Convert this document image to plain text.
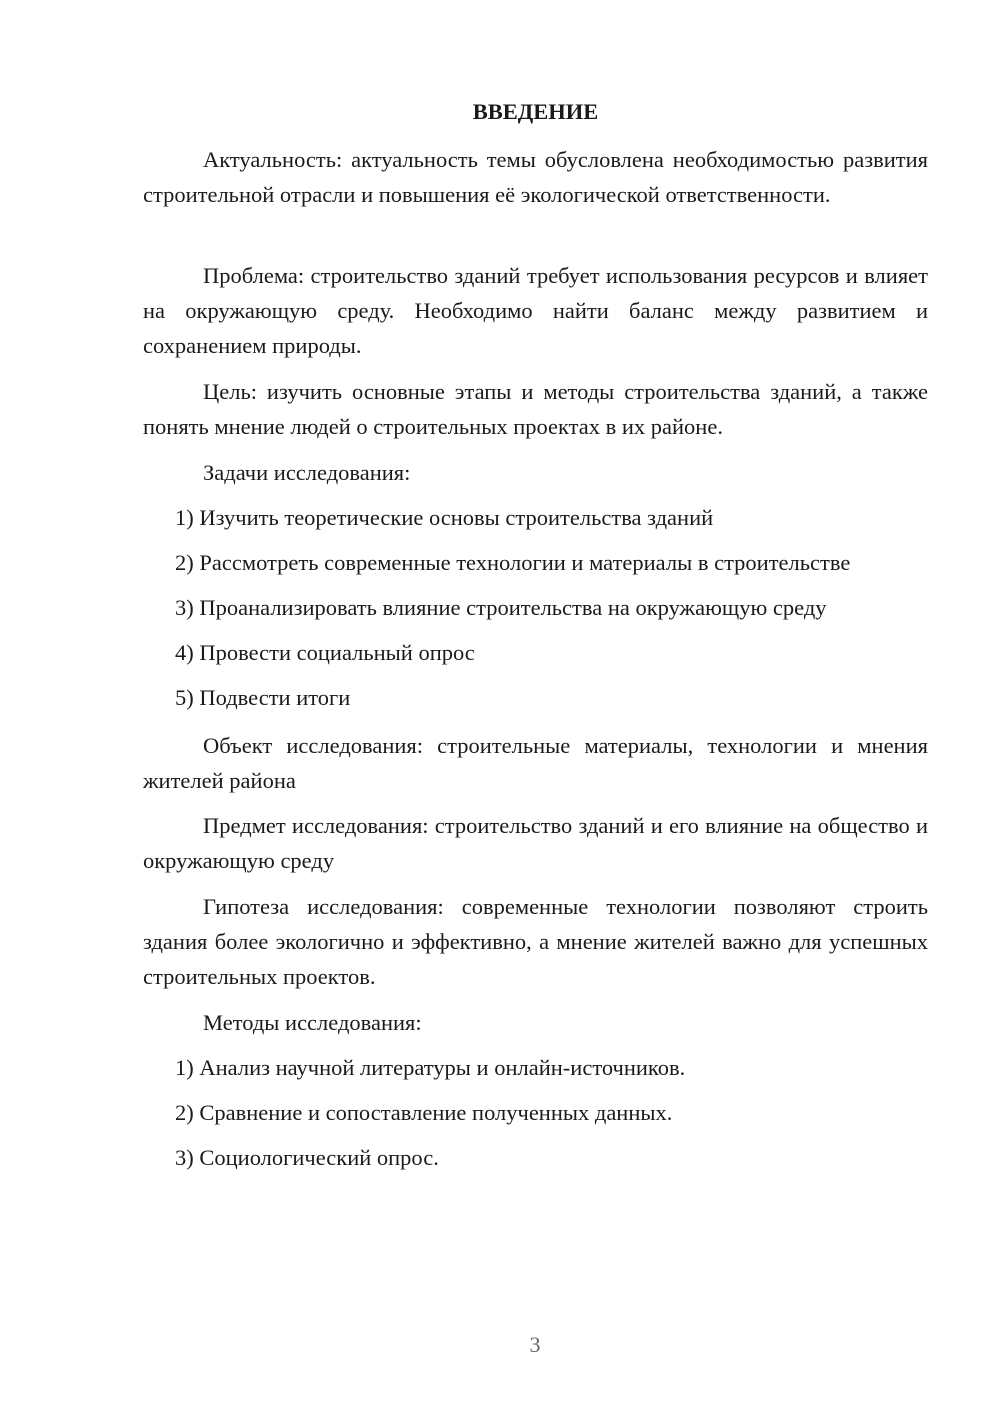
ВВЕДЕНИЕ

Актуальность: актуальность темы обусловлена необходимостью развития строительной отрасли и повышения её экологической ответственности.

Проблема: строительство зданий требует использования ресурсов и влияет на окружающую среду. Необходимо найти баланс между развитием и сохранением природы.

Цель: изучить основные этапы и методы строительства зданий, а также понять мнение людей о строительных проектах в их районе.

Задачи исследования:

1) Изучить теоретические основы строительства зданий

2) Рассмотреть современные технологии и материалы в строительстве

3) Проанализировать влияние строительства на окружающую среду

4) Провести социальный опрос

5) Подвести итоги

Объект исследования: строительные материалы, технологии и мнения жителей района

Предмет исследования: строительство зданий и его влияние на общество и окружающую среду

Гипотеза исследования: современные технологии позволяют строить здания более экологично и эффективно, а мнение жителей важно для успешных строительных проектов.

Методы исследования:

1) Анализ научной литературы и онлайн-источников.

2) Сравнение и сопоставление полученных данных.

3) Социологический опрос.

3
